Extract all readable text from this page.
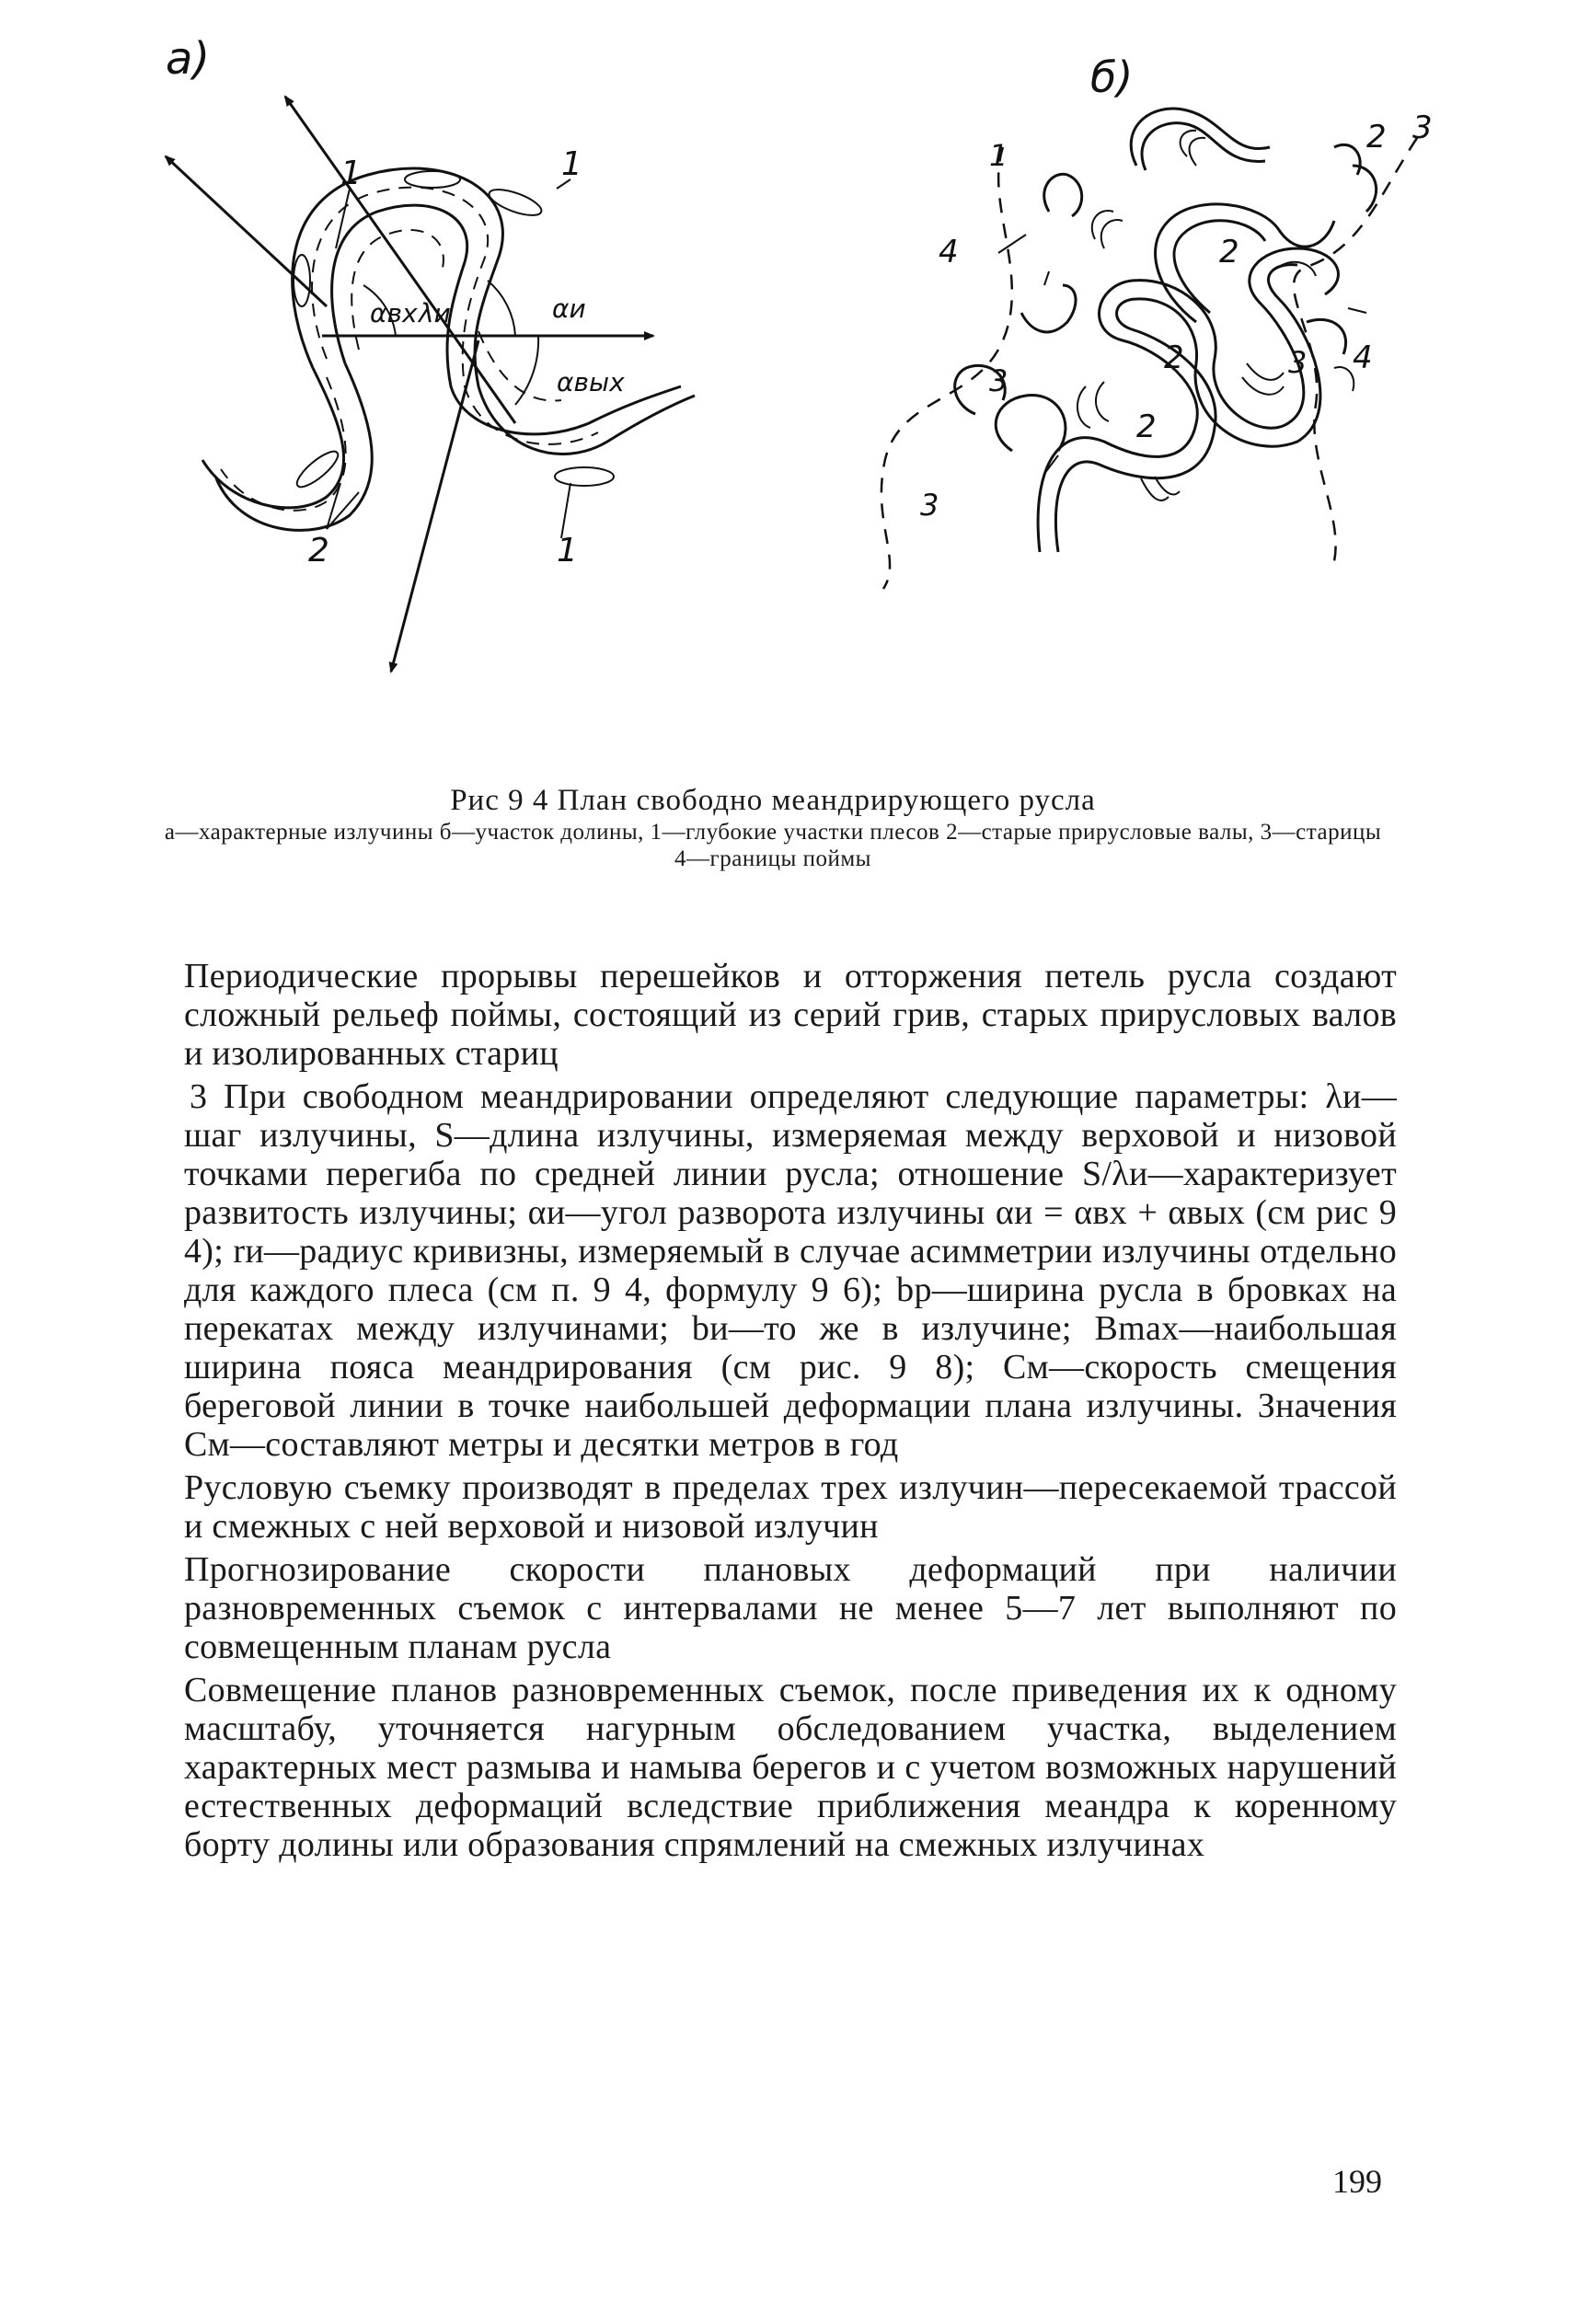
а)
1	1
1
2
αвх λи	αи
αвых
б)
1
4
4
2
2
2
2
3
3
3
3
Рис 9 4 План свободно меандрирующего русла
а—характерные излучины б—участок долины, 1—глубокие участки плесов 2—старые прирусловые валы, 3—старицы 4—границы поймы

Периодические прорывы перешейков и отторжения петель русла создают сложный рельеф поймы, состоящий из серий грив, старых прирусловых валов и изолированных стариц

3 При свободном меандрировании определяют следующие параметры: λи—шаг излучины, S—длина излучины, измеряемая между верховой и низовой точками перегиба по средней линии русла; отношение S/λи—характеризует развитость излучины; αи—угол разворота излучины αи = αвх + αвых (см рис 9 4); rи—радиус кривизны, измеряемый в случае асимметрии излучины отдельно для каждого плеса (см п. 9 4, формулу 9 6); bр—ширина русла в бровках на перекатах между излучинами; bи—то же в излучине; Bmax—наибольшая ширина пояса меандрирования (см рис. 9 8); Cм—скорость смещения береговой линии в точке наибольшей деформации плана излучины. Значения Cм—составляют метры и десятки метров в год

Русловую съемку производят в пределах трех излучин—пересекаемой трассой и смежных с ней верховой и низовой излучин

Прогнозирование скорости плановых деформаций при наличии разновременных съемок с интервалами не менее 5—7 лет выполняют по совмещенным планам русла

Совмещение планов разновременных съемок, после приведения их к одному масштабу, уточняется нагурным обследованием участка, выделением характерных мест размыва и намыва берегов и с учетом возможных нарушений естественных деформаций вследствие приближения меандра к коренному борту долины или образования спрямлений на смежных излучинах

199
